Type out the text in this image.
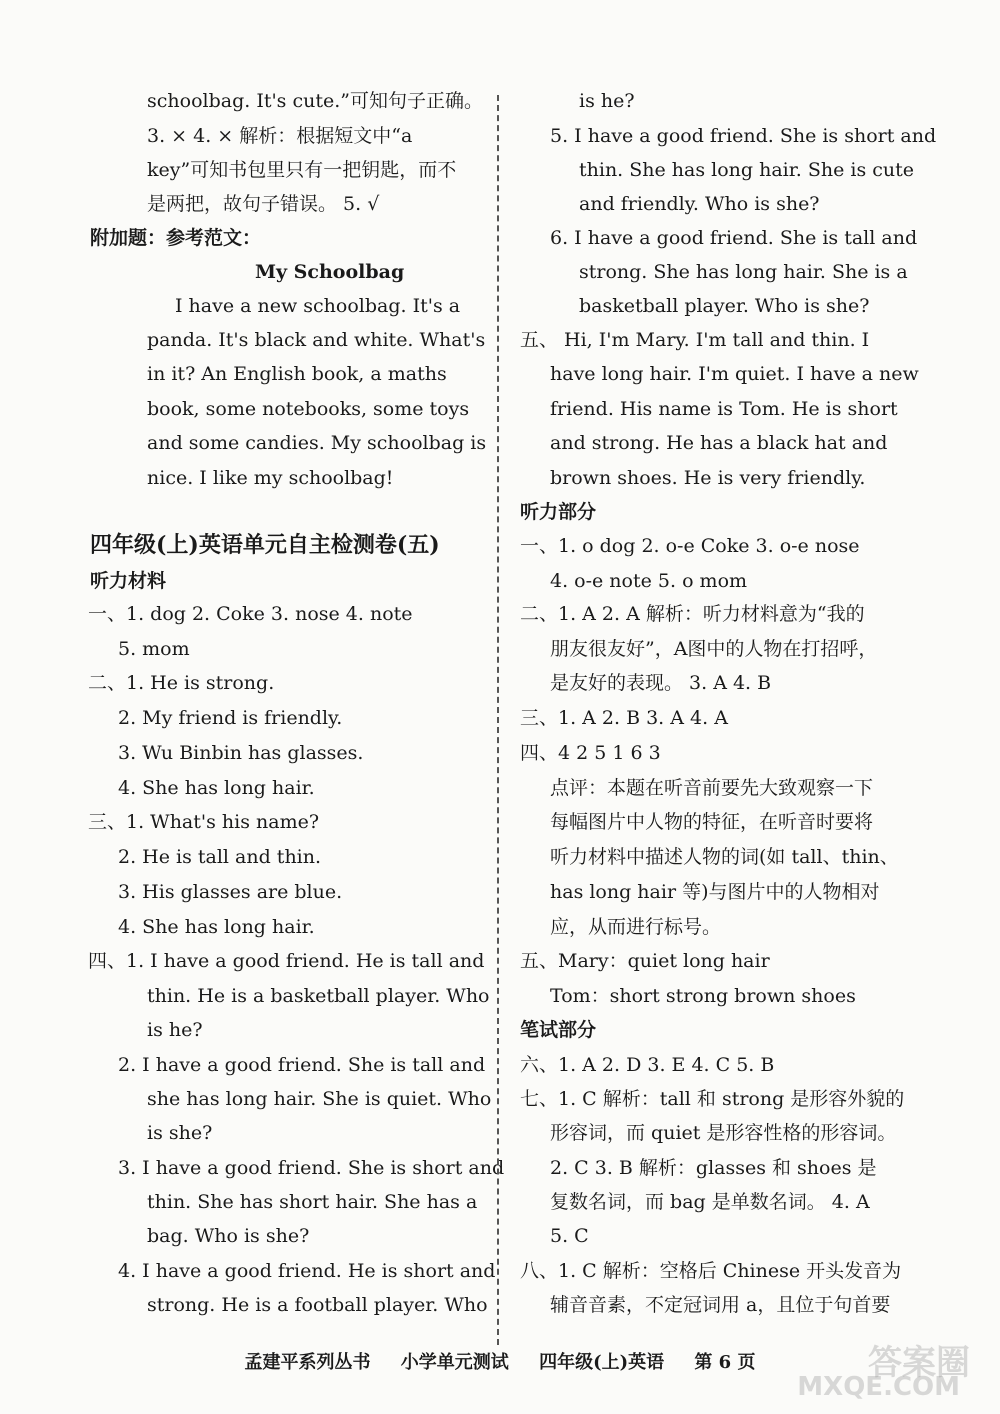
schoolbag. It's cute.”可知句子正确。
3. × 4. × 解析：根据短文中“a
key”可知书包里只有一把钥匙，而不
是两把，故句子错误。 5. √
附加题：参考范文：
My Schoolbag
I have a new schoolbag. It's a
panda. It's black and white. What's
in it? An English book, a maths
book, some notebooks, some toys
and some candies. My schoolbag is
nice. I like my schoolbag!
四年级(上)英语单元自主检测卷(五)
听力材料
一、1. dog 2. Coke 3. nose 4. note
5. mom
二、1. He is strong.
2. My friend is friendly.
3. Wu Binbin has glasses.
4. She has long hair.
三、1. What's his name?
2. He is tall and thin.
3. His glasses are blue.
4. She has long hair.
四、1. I have a good friend. He is tall and
thin. He is a basketball player. Who
is he?
2. I have a good friend. She is tall and
she has long hair. She is quiet. Who
is she?
3. I have a good friend. She is short and
thin. She has short hair. She has a
bag. Who is she?
4. I have a good friend. He is short and
strong. He is a football player. Who
is he?
5. I have a good friend. She is short and
thin. She has long hair. She is cute
and friendly. Who is she?
6. I have a good friend. She is tall and
strong. She has long hair. She is a
basketball player. Who is she?
五、 Hi, I'm Mary. I'm tall and thin. I
have long hair. I'm quiet. I have a new
friend. His name is Tom. He is short
and strong. He has a black hat and
brown shoes. He is very friendly.
听力部分
一、1. o dog 2. o-e Coke 3. o-e nose
4. o-e note 5. o mom
二、1. A 2. A 解析：听力材料意为“我的
朋友很友好”，A图中的人物在打招呼，
是友好的表现。 3. A 4. B
三、1. A 2. B 3. A 4. A
四、4 2 5 1 6 3
点评：本题在听音前要先大致观察一下
每幅图片中人物的特征，在听音时要将
听力材料中描述人物的词(如 tall、thin、
has long hair 等)与图片中的人物相对
应，从而进行标号。
五、Mary：quiet long hair
Tom：short strong brown shoes
笔试部分
六、1. A 2. D 3. E 4. C 5. B
七、1. C 解析：tall 和 strong 是形容外貌的
形容词，而 quiet 是形容性格的形容词。
2. C 3. B 解析：glasses 和 shoes 是
复数名词，而 bag 是单数名词。 4. A
5. C
八、1. C 解析：空格后 Chinese 开头发音为
辅音音素，不定冠词用 a，且位于句首要
孟建平系列丛书 小学单元测试 四年级(上)英语 第 6 页	答案圈
MXQE.COM
